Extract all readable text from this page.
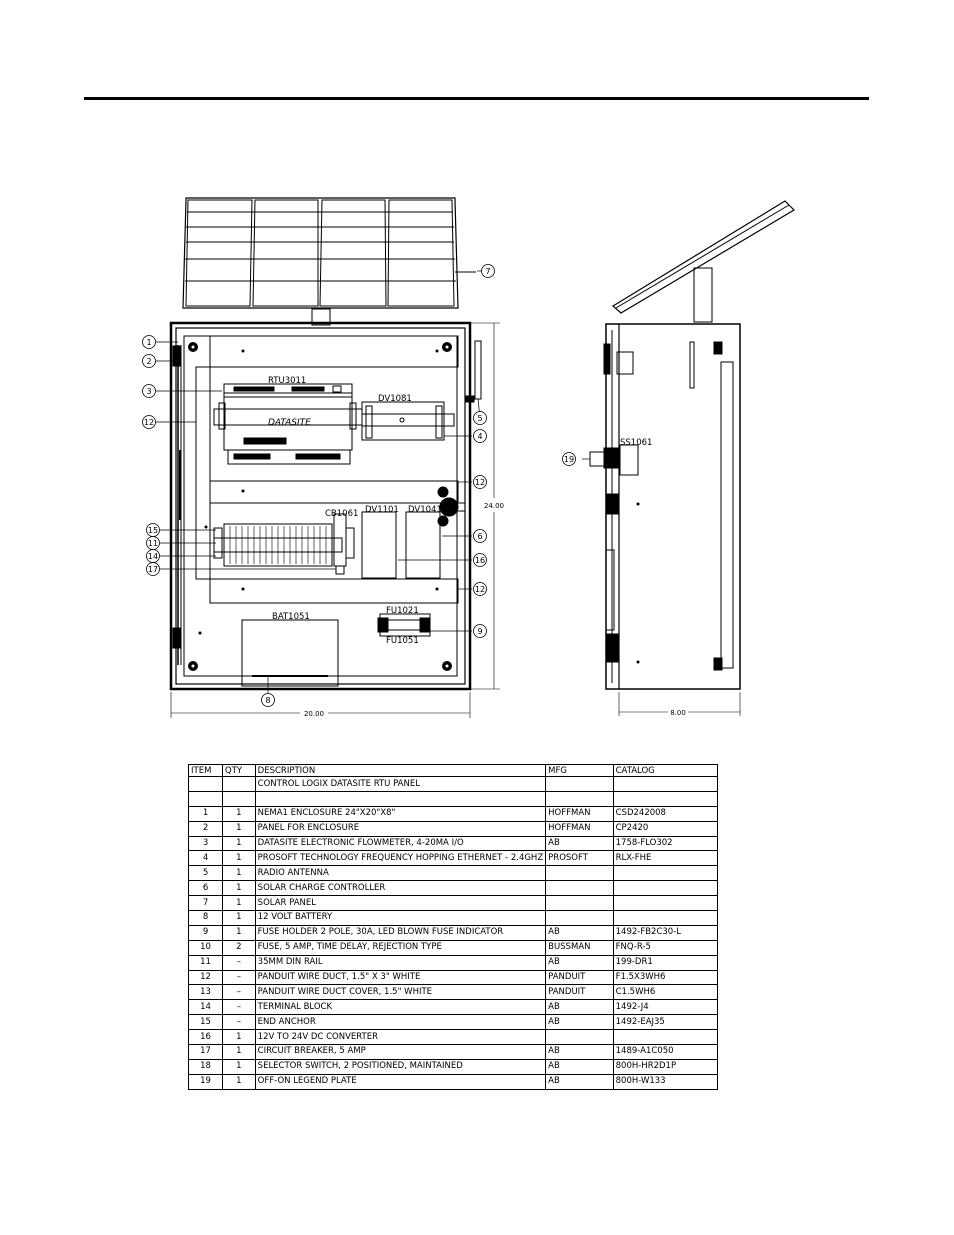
1
2
3
12
15
11
14
17
4
5
12
6
16
12
9
8
7
19
RTU3011
DATASITE
DV1081
CB1061 DV1101 DV1041
BAT1051
FU1021
FU1051
SS1061
24.00
20.00	8.00
ITEM	QTY	DESCRIPTION	MFG	CATALOG
		CONTROL LOGIX DATASITE RTU PANEL		

1	1	NEMA1 ENCLOSURE 24"X20"X8"	HOFFMAN	CSD242008
2	1	PANEL FOR ENCLOSURE	HOFFMAN	CP2420
3	1	DATASITE ELECTRONIC FLOWMETER, 4-20MA I/O	AB	1758-FLO302
4	1	PROSOFT TECHNOLOGY FREQUENCY HOPPING ETHERNET - 2.4GHZ	PROSOFT	RLX-FHE
5	1	RADIO ANTENNA		
6	1	SOLAR CHARGE CONTROLLER		
7	1	SOLAR PANEL		
8	1	12 VOLT BATTERY		
9	1	FUSE HOLDER 2 POLE, 30A, LED BLOWN FUSE INDICATOR	AB	1492-FB2C30-L
10	2	FUSE, 5 AMP, TIME DELAY, REJECTION TYPE	BUSSMAN	FNQ-R-5
11	–	35MM DIN RAIL	AB	199-DR1
12	–	PANDUIT WIRE DUCT, 1.5" X 3" WHITE	PANDUIT	F1.5X3WH6
13	–	PANDUIT WIRE DUCT COVER, 1.5" WHITE	PANDUIT	C1.5WH6
14	–	TERMINAL BLOCK	AB	1492-J4
15	–	END ANCHOR	AB	1492-EAJ35
16	1	12V TO 24V DC CONVERTER		
17	1	CIRCUIT BREAKER, 5 AMP	AB	1489-A1C050
18	1	SELECTOR SWITCH, 2 POSITIONED, MAINTAINED	AB	800H-HR2D1P
19	1	OFF-ON LEGEND PLATE	AB	800H-W133
